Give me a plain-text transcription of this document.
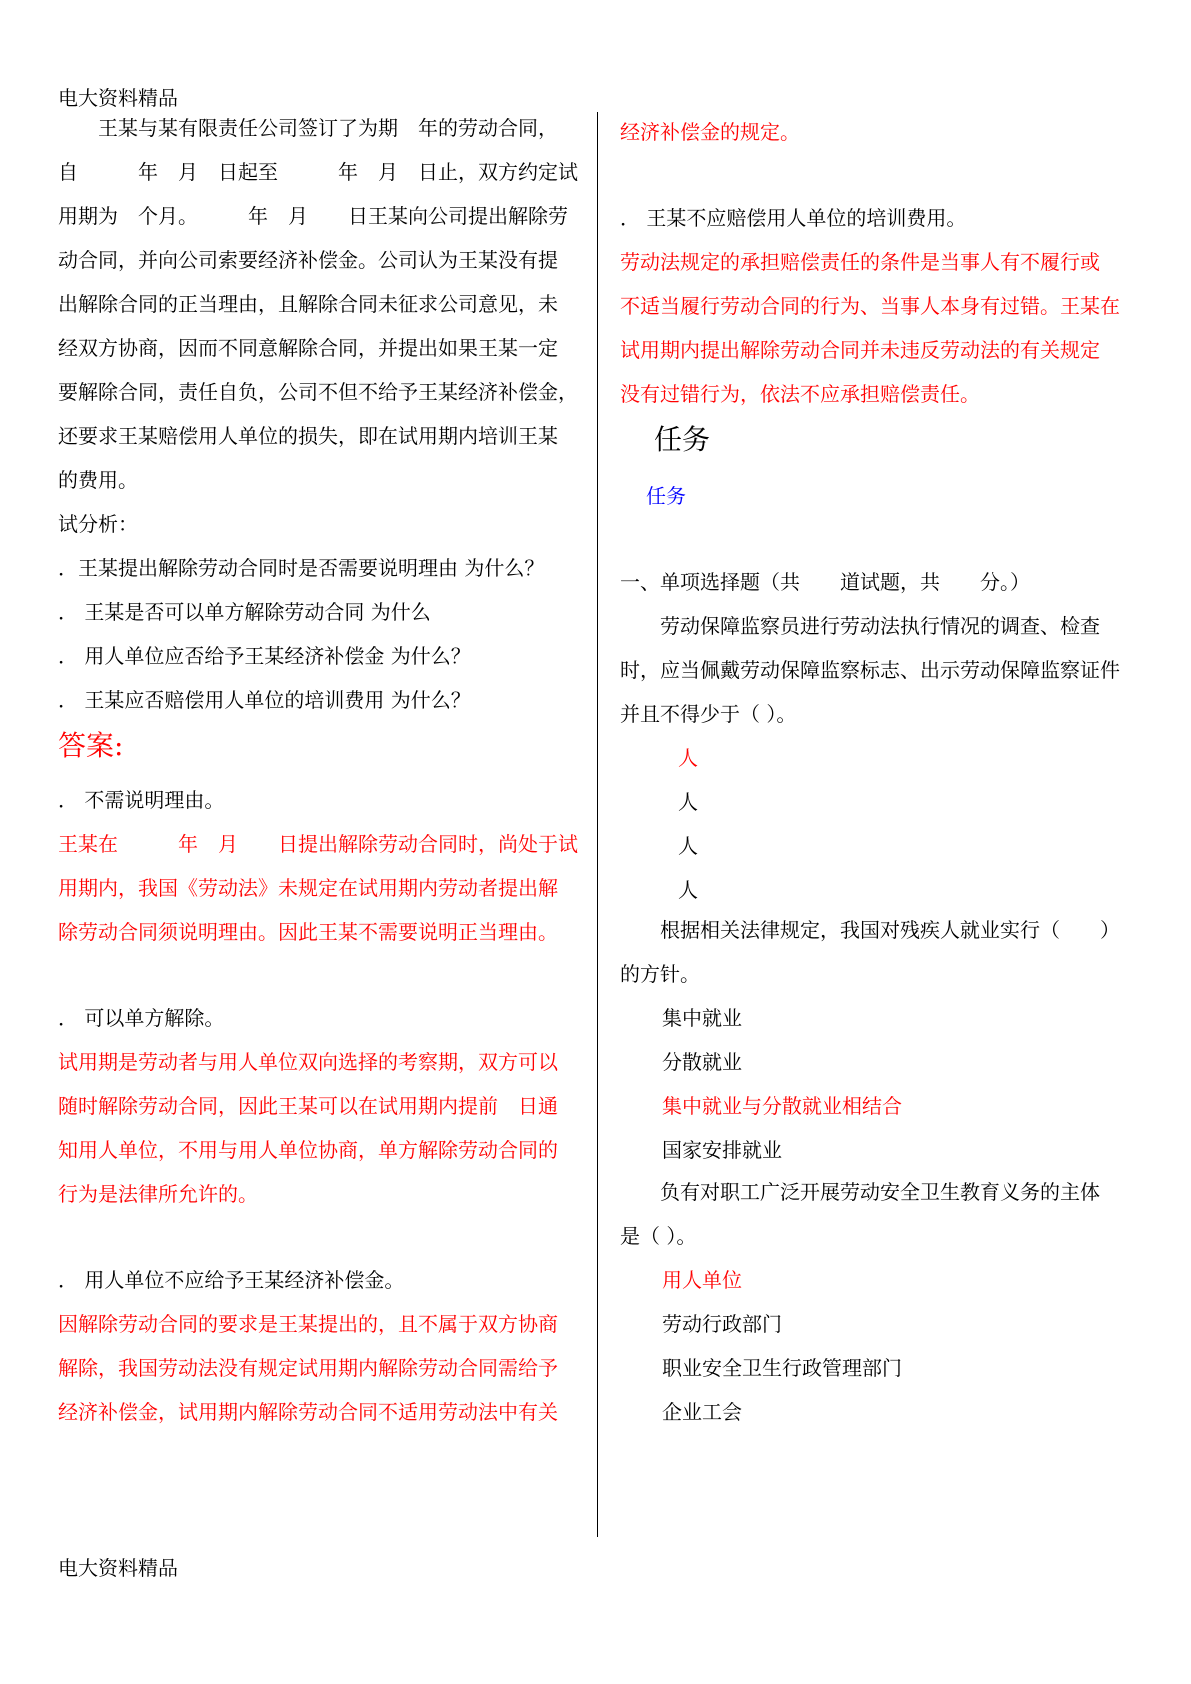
电大资料精品
　　王某与某有限责任公司签订了为期　年的劳动合同，
自　　　年　月　日起至　　　年　月　日止，双方约定试
用期为　个月。　　　年　月　　日王某向公司提出解除劳
动合同，并向公司索要经济补偿金。公司认为王某没有提
出解除合同的正当理由，且解除合同未征求公司意见，未
经双方协商，因而不同意解除合同，并提出如果王某一定
要解除合同，责任自负，公司不但不给予王某经济补偿金，
还要求王某赔偿用人单位的损失，即在试用期内培训王某
的费用。
试分析：
．王某提出解除劳动合同时是否需要说明理由 为什么？
． 王某是否可以单方解除劳动合同 为什么
． 用人单位应否给予王某经济补偿金 为什么？
． 王某应否赔偿用人单位的培训费用 为什么？
答案:
． 不需说明理由。
王某在　　　年　月　　日提出解除劳动合同时，尚处于试
用期内，我国《劳动法》未规定在试用期内劳动者提出解
除劳动合同须说明理由。因此王某不需要说明正当理由。
． 可以单方解除。
试用期是劳动者与用人单位双向选择的考察期，双方可以
随时解除劳动合同，因此王某可以在试用期内提前　日通
知用人单位，不用与用人单位协商，单方解除劳动合同的
行为是法律所允许的。
． 用人单位不应给予王某经济补偿金。
因解除劳动合同的要求是王某提出的，且不属于双方协商
解除，我国劳动法没有规定试用期内解除劳动合同需给予
经济补偿金，试用期内解除劳动合同不适用劳动法中有关
经济补偿金的规定。
． 王某不应赔偿用人单位的培训费用。
劳动法规定的承担赔偿责任的条件是当事人有不履行或
不适当履行劳动合同的行为、当事人本身有过错。王某在
试用期内提出解除劳动合同并未违反劳动法的有关规定
没有过错行为，依法不应承担赔偿责任。
任务
任务
一、单项选择题（共　　道试题，共　　分。）
　　劳动保障监察员进行劳动法执行情况的调查、检查
时，应当佩戴劳动保障监察标志、出示劳动保障监察证件
并且不得少于（ ）。
人
人
人
人
　　根据相关法律规定，我国对残疾人就业实行（　　）
的方针。
集中就业
分散就业
集中就业与分散就业相结合
国家安排就业
　　负有对职工广泛开展劳动安全卫生教育义务的主体
是（ ）。
用人单位
劳动行政部门
职业安全卫生行政管理部门
企业工会
电大资料精品
